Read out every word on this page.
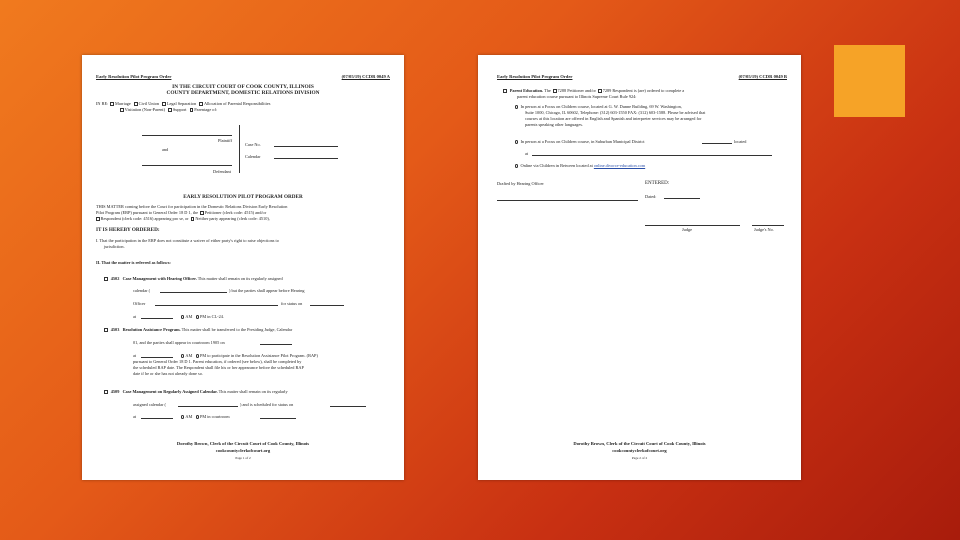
Early Resolution Pilot Program Order	(07/05/19) CCDR 0049 A
IN THE CIRCUIT COURT OF COOK COUNTY, ILLINOIS
COUNTY DEPARTMENT, DOMESTIC RELATIONS DIVISION
IN RE: Marriage Civil Union Legal Separation Allocation of Parental Responsibilities
Visitation (Non-Parent) Support Parentage of:
Plaintiff
and
Defendant
Case No.
Calendar
EARLY RESOLUTION PILOT PROGRAM ORDER
THIS MATTER coming before the Court for participation in the Domestic Relations Division Early Resolution
Pilot Program (ERP) pursuant to General Order 18 D 1, the Petitioner (clerk code: 4515) and/or
Respondent (clerk code: 4516) appearing pro se, or Neither party appearing (clerk code: 4510),
IT IS HEREBY ORDERED:
I. That the participation in the ERP does not constitute a waiver of either party's right to raise objections to
jurisdiction.
II. That the matter is referred as follows:
4502 Case Management with Hearing Officer. This matter shall remain on its regularly assigned
calendar (	) but the parties shall appear before Hearing
Officer	for status on
at	AM PM in CL-24.
4503 Resolution Assistance Program. This matter shall be transferred to the Presiding Judge, Calendar
01, and the parties shall appear in courtroom 1905 on
at	AM PM to participate in the Resolution Assistance Pilot Program. (RAP)
pursuant to General Order 18 D 1. Parent education, if ordered (see below), shall be completed by
the scheduled RAP date. The Respondent shall file his or her appearance before the scheduled RAP
date if he or she has not already done so.
4509 Case Management on Regularly Assigned Calendar. This matter shall remain on its regularly
assigned calendar (	) and is scheduled for status on
at	AM PM in courtroom
Dorothy Brown, Clerk of the Circuit Court of Cook County, Illinois
cookcountyclerkofcourt.org
Page 1 of 2
Early Resolution Pilot Program Order	(07/05/19) CCDR 0049 B
Parent Education. The 7288 Petitioner and/or 7289 Respondent is (are) ordered to complete a
parent education course pursuant to Illinois Supreme Court Rule 924:
In person at a Focus on Children course, located at G. W. Dunne Building, 69 W. Washington,
Suite 1000, Chicago, IL 60602, Telephone: (312) 603-1550 FAX: (312) 603-1588. Please be advised that
courses at this location are offered in English and Spanish and interpreter services may be arranged for
parents speaking other languages.
In person at a Focus on Children course, in Suburban Municipal District	located
at
Online via Children in Between located at online.divorce-education.com
Drafted by Hearing Officer	ENTERED:
Dated:
Judge	Judge's No.
Dorothy Brown, Clerk of the Circuit Court of Cook County, Illinois
cookcountyclerkofcourt.org
Page 2 of 2
